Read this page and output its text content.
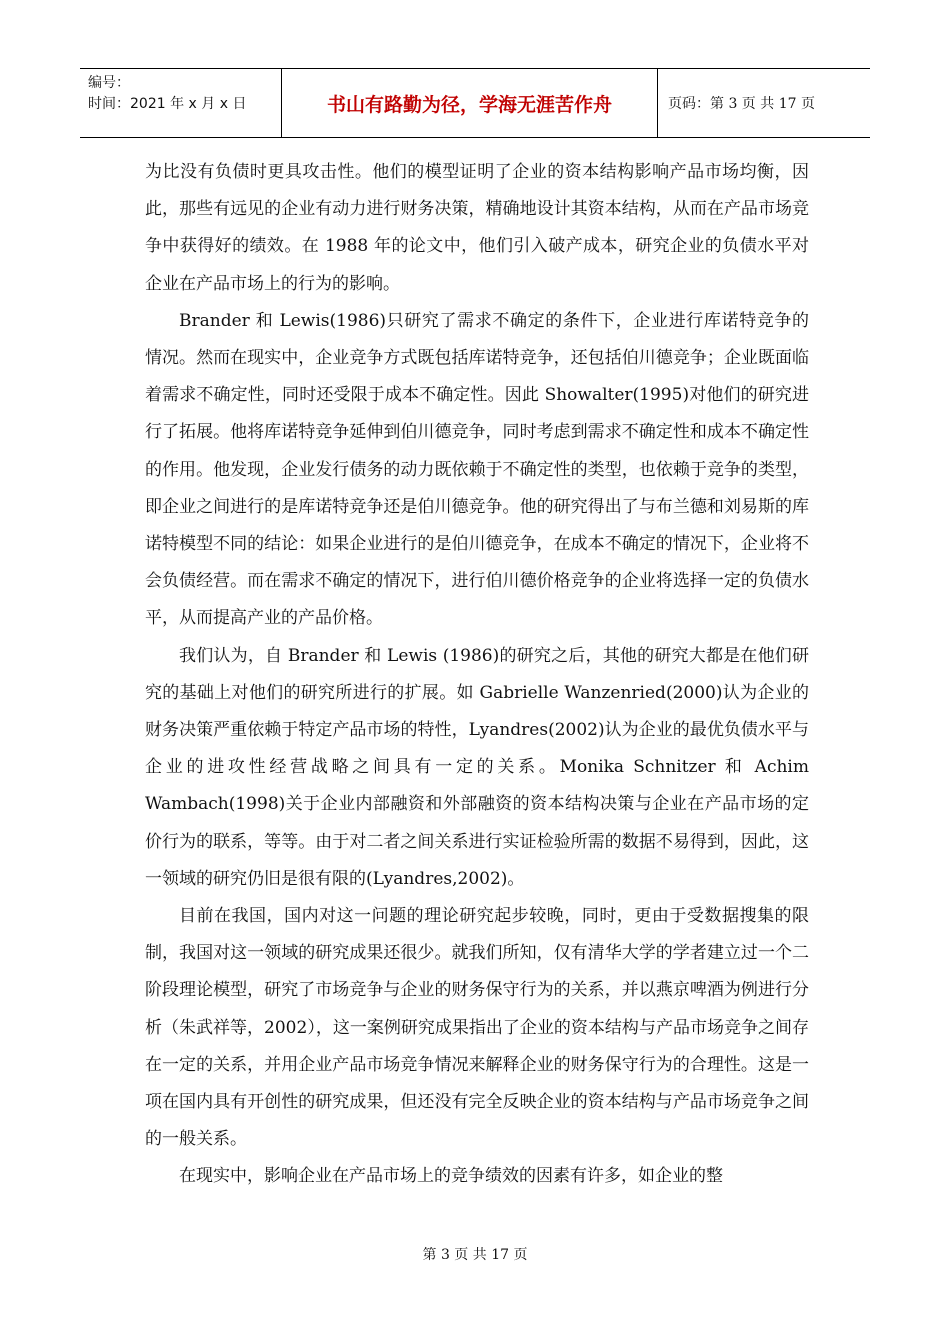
编号：
时间：2021 年 x 月 x 日	书山有路勤为径，学海无涯苦作舟	页码：第 3 页 共 17 页

为比没有负债时更具攻击性。他们的模型证明了企业的资本结构影响产品市场均衡，因此，那些有远见的企业有动力进行财务决策，精确地设计其资本结构，从而在产品市场竞争中获得好的绩效。在 1988 年的论文中，他们引入破产成本，研究企业的负债水平对企业在产品市场上的行为的影响。

Brander 和 Lewis(1986)只研究了需求不确定的条件下，企业进行库诺特竞争的情况。然而在现实中，企业竞争方式既包括库诺特竞争，还包括伯川德竞争；企业既面临着需求不确定性，同时还受限于成本不确定性。因此 Showalter(1995)对他们的研究进行了拓展。他将库诺特竞争延伸到伯川德竞争，同时考虑到需求不确定性和成本不确定性的作用。他发现，企业发行债务的动力既依赖于不确定性的类型，也依赖于竞争的类型，即企业之间进行的是库诺特竞争还是伯川德竞争。他的研究得出了与布兰德和刘易斯的库诺特模型不同的结论：如果企业进行的是伯川德竞争，在成本不确定的情况下，企业将不会负债经营。而在需求不确定的情况下，进行伯川德价格竞争的企业将选择一定的负债水平，从而提高产业的产品价格。

我们认为，自 Brander 和 Lewis (1986)的研究之后，其他的研究大都是在他们研究的基础上对他们的研究所进行的扩展。如 Gabrielle Wanzenried(2000)认为企业的财务决策严重依赖于特定产品市场的特性，Lyandres(2002)认为企业的最优负债水平与企业的进攻性经营战略之间具有一定的关系。Monika Schnitzer 和 Achim Wambach(1998)关于企业内部融资和外部融资的资本结构决策与企业在产品市场的定价行为的联系，等等。由于对二者之间关系进行实证检验所需的数据不易得到，因此，这一领域的研究仍旧是很有限的(Lyandres,2002)。

目前在我国，国内对这一问题的理论研究起步较晚，同时，更由于受数据搜集的限制，我国对这一领域的研究成果还很少。就我们所知，仅有清华大学的学者建立过一个二阶段理论模型，研究了市场竞争与企业的财务保守行为的关系，并以燕京啤酒为例进行分析（朱武祥等，2002），这一案例研究成果指出了企业的资本结构与产品市场竞争之间存在一定的关系，并用企业产品市场竞争情况来解释企业的财务保守行为的合理性。这是一项在国内具有开创性的研究成果，但还没有完全反映企业的资本结构与产品市场竞争之间的一般关系。

在现实中，影响企业在产品市场上的竞争绩效的因素有许多，如企业的整

第 3 页 共 17 页
